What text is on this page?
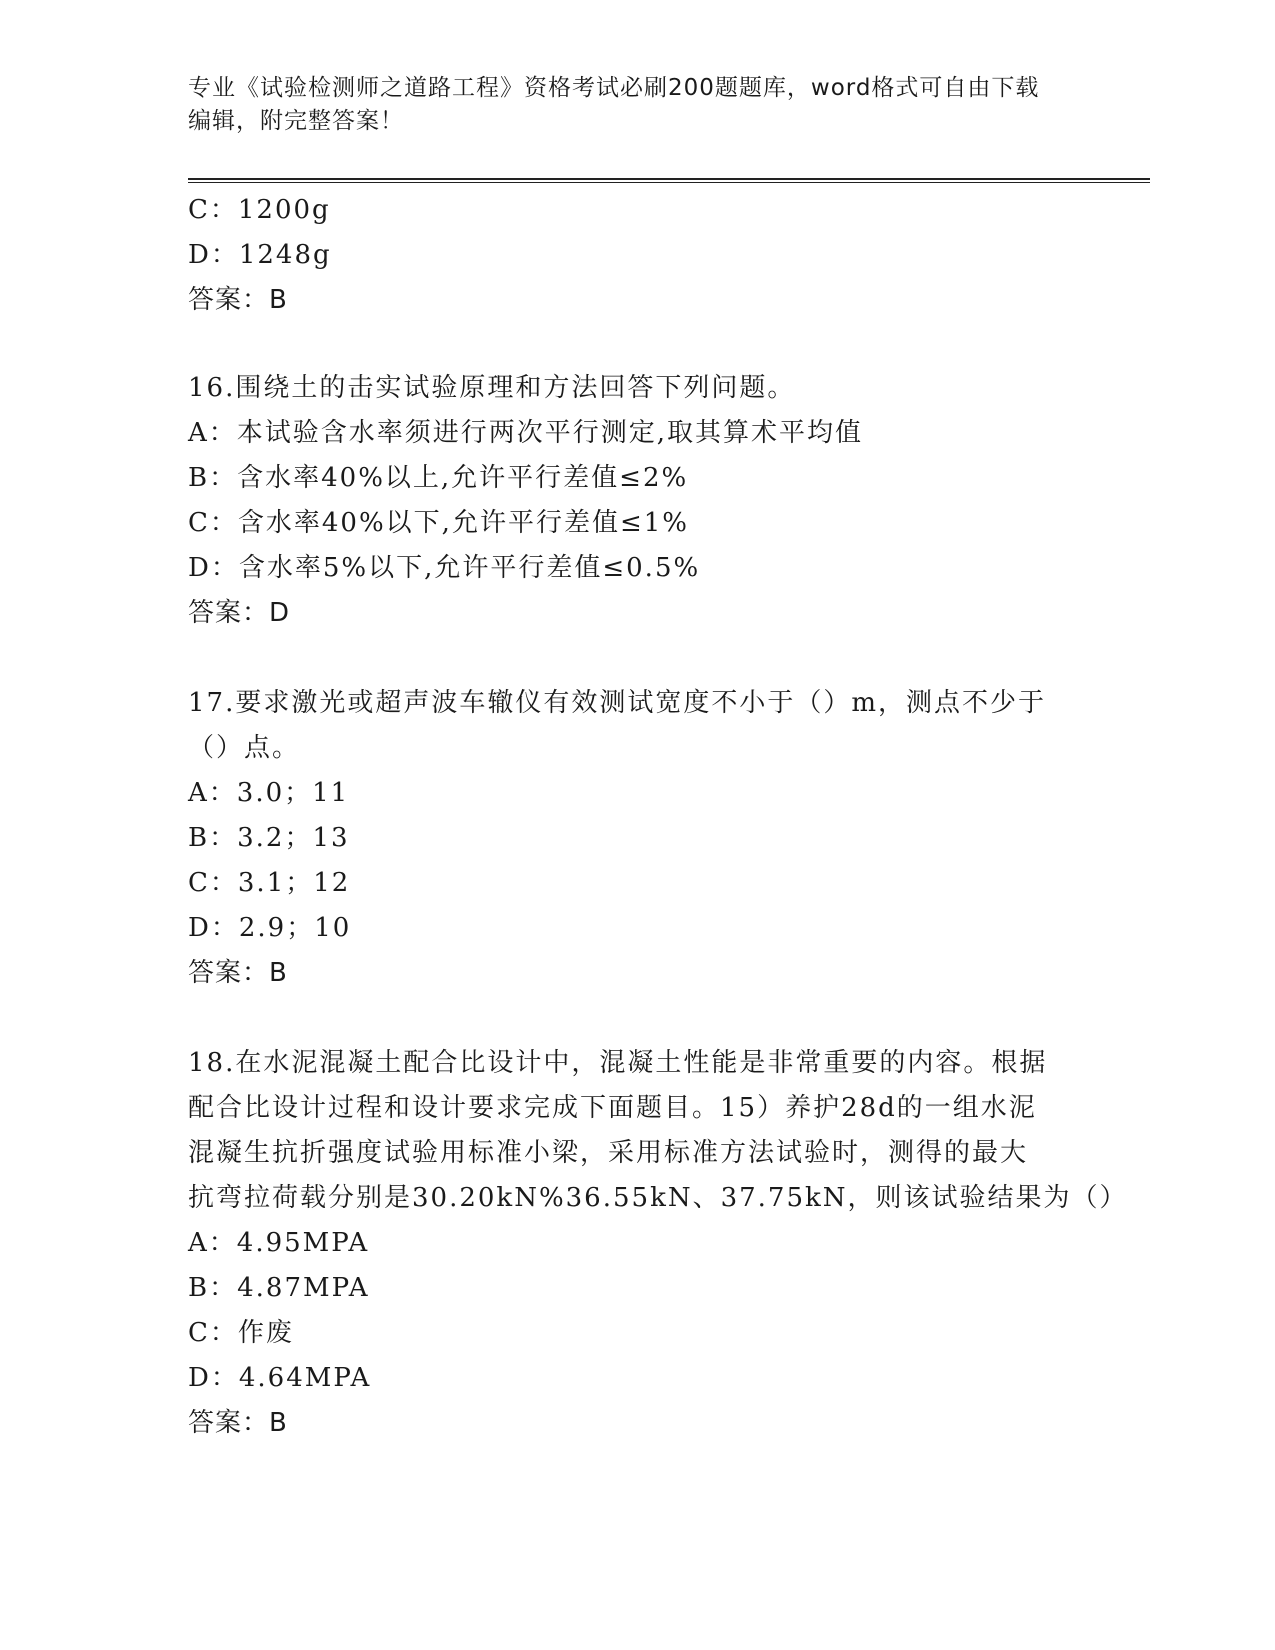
专业《试验检测师之道路工程》资格考试必刷200题题库，word格式可自由下载
编辑，附完整答案！
C：1200g
D：1248g
答案：B
16.围绕土的击实试验原理和方法回答下列问题。
A：本试验含水率须进行两次平行测定,取其算术平均值
B：含水率40%以上,允许平行差值≤2%
C：含水率40%以下,允许平行差值≤1%
D：含水率5%以下,允许平行差值≤0.5%
答案：D
17.要求激光或超声波车辙仪有效测试宽度不小于（）m，测点不少于
（）点。
A：3.0；11
B：3.2；13
C：3.1；12
D：2.9；10
答案：B
18.在水泥混凝土配合比设计中，混凝土性能是非常重要的内容。根据
配合比设计过程和设计要求完成下面题目。15）养护28d的一组水泥
混凝生抗折强度试验用标准小梁，采用标准方法试验时，测得的最大
抗弯拉荷载分别是30.20kN%36.55kN、37.75kN，则该试验结果为（）
A：4.95MPA
B：4.87MPA
C：作废
D：4.64MPA
答案：B
